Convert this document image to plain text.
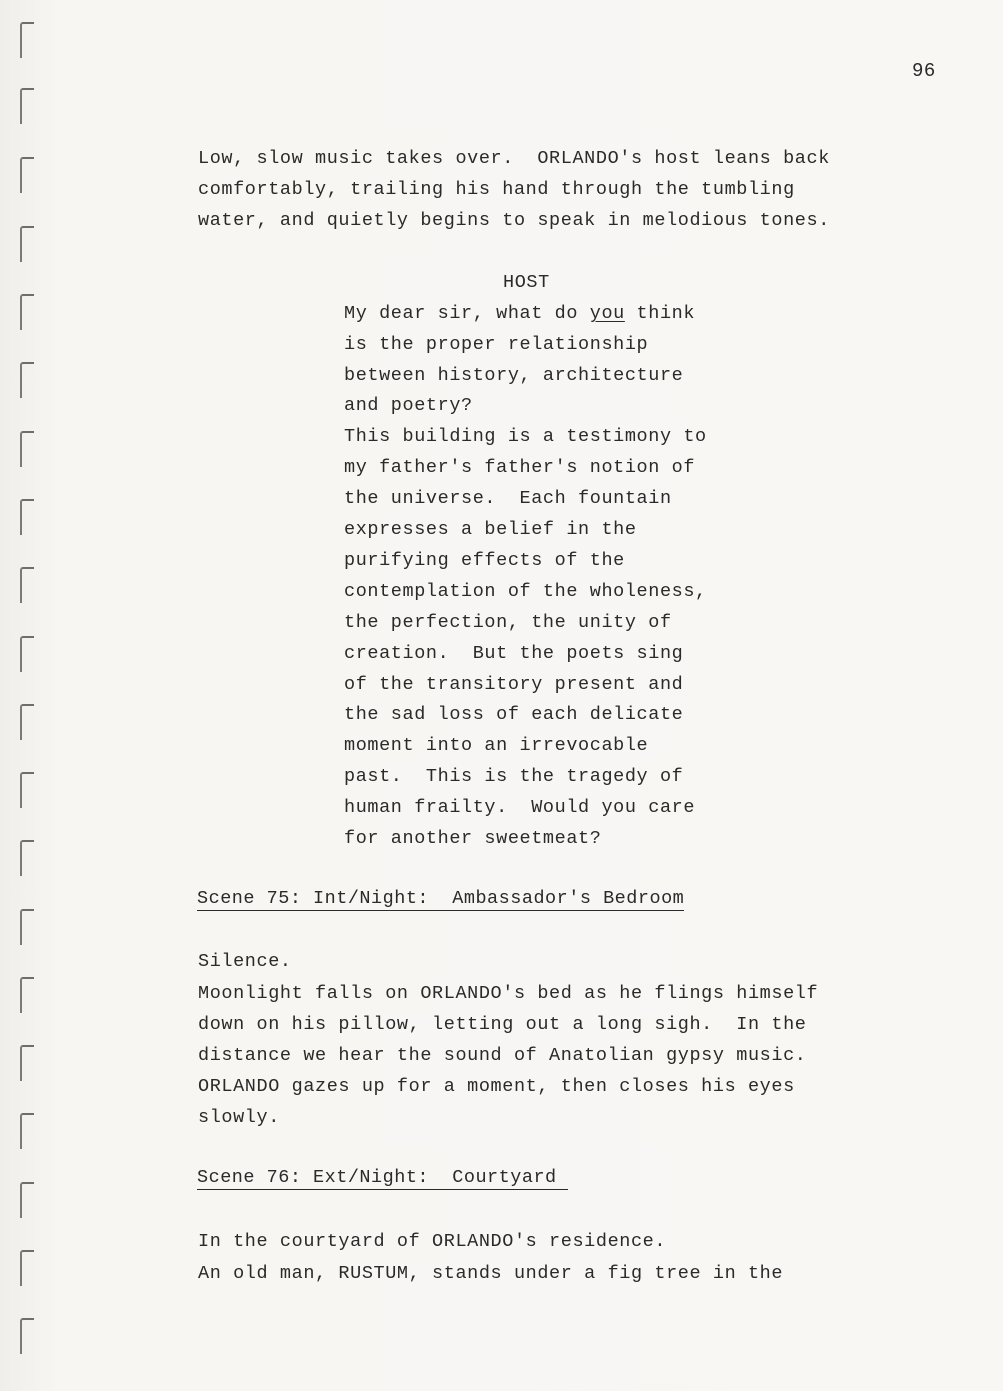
96
Low, slow music takes over.  ORLANDO's host leans back
comfortably, trailing his hand through the tumbling
water, and quietly begins to speak in melodious tones.
HOST
My dear sir, what do you think
is the proper relationship
between history, architecture
and poetry?
This building is a testimony to
my father's father's notion of
the universe.  Each fountain
expresses a belief in the
purifying effects of the
contemplation of the wholeness,
the perfection, the unity of
creation.  But the poets sing
of the transitory present and
the sad loss of each delicate
moment into an irrevocable
past.  This is the tragedy of
human frailty.  Would you care
for another sweetmeat?
Scene 75: Int/Night:  Ambassador's Bedroom
Silence.
Moonlight falls on ORLANDO's bed as he flings himself
down on his pillow, letting out a long sigh.  In the
distance we hear the sound of Anatolian gypsy music.
ORLANDO gazes up for a moment, then closes his eyes
slowly.
Scene 76: Ext/Night:  Courtyard
In the courtyard of ORLANDO's residence.
An old man, RUSTUM, stands under a fig tree in the
